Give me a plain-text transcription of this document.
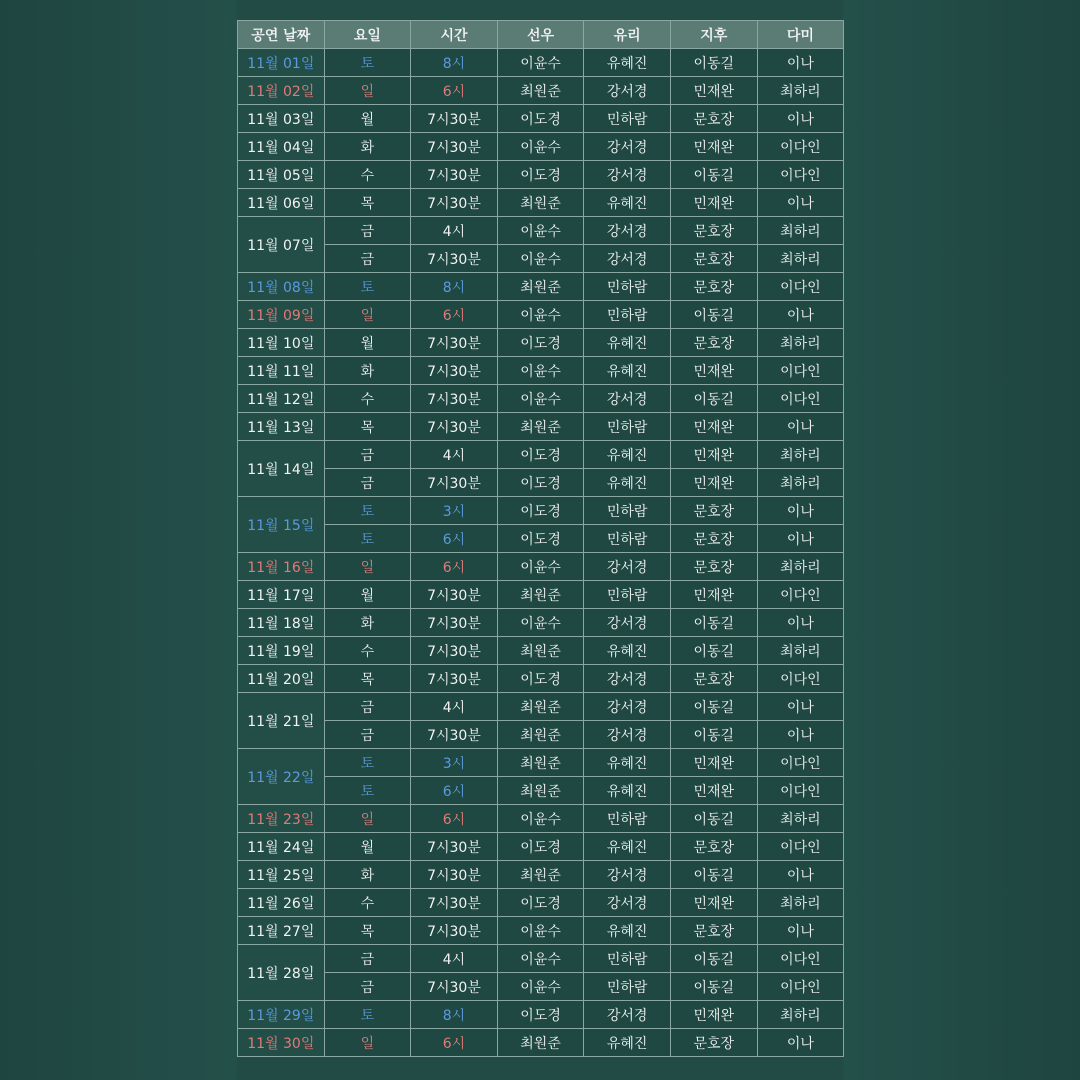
공연 날짜	요일	시간	선우	유리	지후	다미
11월 01일	토	8시	이윤수	유혜진	이동길	이나
11월 02일	일	6시	최원준	강서경	민재완	최하리
11월 03일	월	7시30분	이도경	민하람	문호장	이나
11월 04일	화	7시30분	이윤수	강서경	민재완	이다인
11월 05일	수	7시30분	이도경	강서경	이동길	이다인
11월 06일	목	7시30분	최원준	유혜진	민재완	이나
11월 07일	금	4시	이윤수	강서경	문호장	최하리
	금	7시30분	이윤수	강서경	문호장	최하리
11월 08일	토	8시	최원준	민하람	문호장	이다인
11월 09일	일	6시	이윤수	민하람	이동길	이나
11월 10일	월	7시30분	이도경	유혜진	문호장	최하리
11월 11일	화	7시30분	이윤수	유혜진	민재완	이다인
11월 12일	수	7시30분	이윤수	강서경	이동길	이다인
11월 13일	목	7시30분	최원준	민하람	민재완	이나
11월 14일	금	4시	이도경	유혜진	민재완	최하리
	금	7시30분	이도경	유혜진	민재완	최하리
11월 15일	토	3시	이도경	민하람	문호장	이나
	토	6시	이도경	민하람	문호장	이나
11월 16일	일	6시	이윤수	강서경	문호장	최하리
11월 17일	월	7시30분	최원준	민하람	민재완	이다인
11월 18일	화	7시30분	이윤수	강서경	이동길	이나
11월 19일	수	7시30분	최원준	유혜진	이동길	최하리
11월 20일	목	7시30분	이도경	강서경	문호장	이다인
11월 21일	금	4시	최원준	강서경	이동길	이나
	금	7시30분	최원준	강서경	이동길	이나
11월 22일	토	3시	최원준	유혜진	민재완	이다인
	토	6시	최원준	유혜진	민재완	이다인
11월 23일	일	6시	이윤수	민하람	이동길	최하리
11월 24일	월	7시30분	이도경	유혜진	문호장	이다인
11월 25일	화	7시30분	최원준	강서경	이동길	이나
11월 26일	수	7시30분	이도경	강서경	민재완	최하리
11월 27일	목	7시30분	이윤수	유혜진	문호장	이나
11월 28일	금	4시	이윤수	민하람	이동길	이다인
	금	7시30분	이윤수	민하람	이동길	이다인
11월 29일	토	8시	이도경	강서경	민재완	최하리
11월 30일	일	6시	최원준	유혜진	문호장	이나
